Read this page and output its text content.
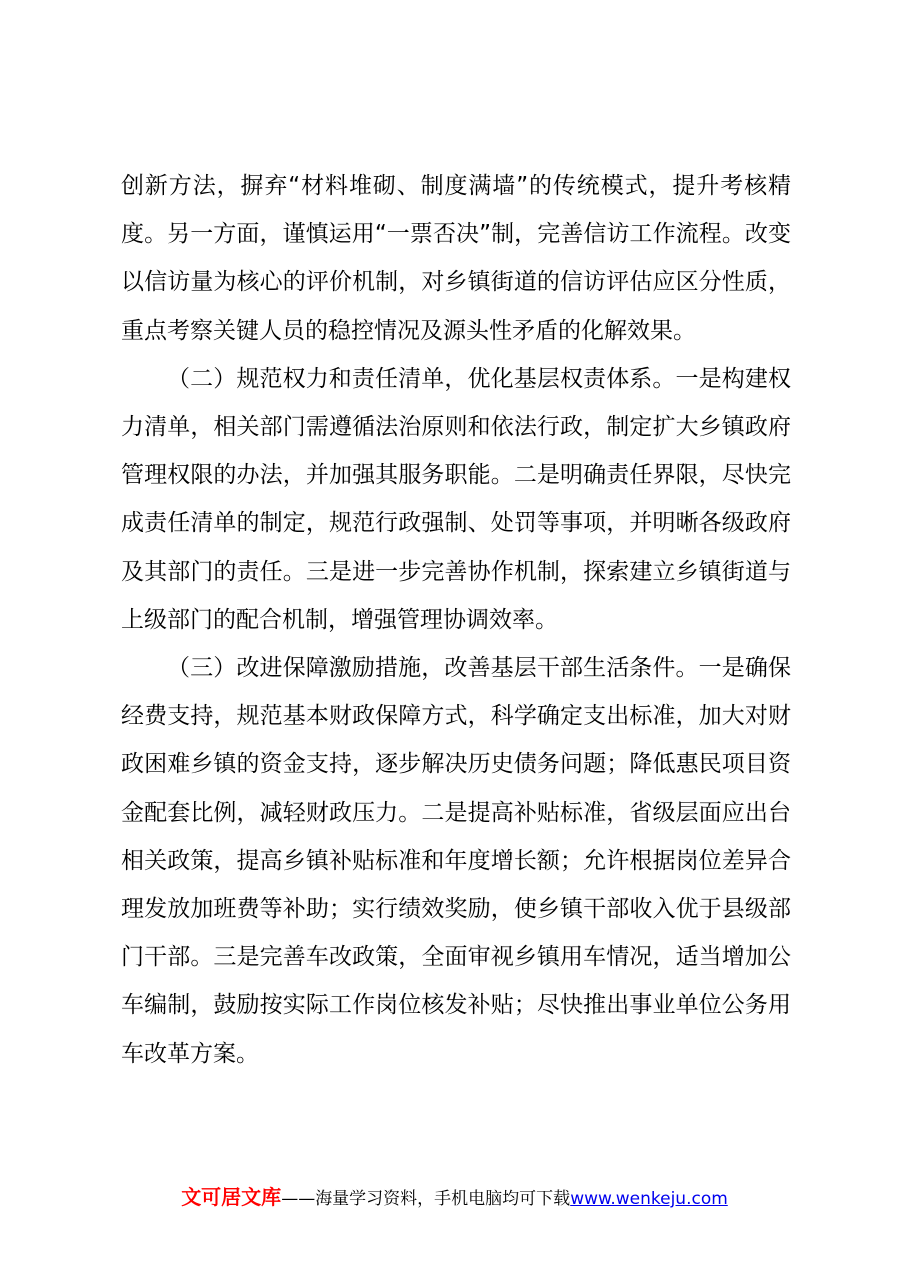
创新方法，摒弃“材料堆砌、制度满墙”的传统模式，提升考核精度。另一方面，谨慎运用“一票否决”制，完善信访工作流程。改变以信访量为核心的评价机制，对乡镇街道的信访评估应区分性质，重点考察关键人员的稳控情况及源头性矛盾的化解效果。

（二）规范权力和责任清单，优化基层权责体系。一是构建权力清单，相关部门需遵循法治原则和依法行政，制定扩大乡镇政府管理权限的办法，并加强其服务职能。二是明确责任界限，尽快完成责任清单的制定，规范行政强制、处罚等事项，并明晰各级政府及其部门的责任。三是进一步完善协作机制，探索建立乡镇街道与上级部门的配合机制，增强管理协调效率。

（三）改进保障激励措施，改善基层干部生活条件。一是确保经费支持，规范基本财政保障方式，科学确定支出标准，加大对财政困难乡镇的资金支持，逐步解决历史债务问题；降低惠民项目资金配套比例，减轻财政压力。二是提高补贴标准，省级层面应出台相关政策，提高乡镇补贴标准和年度增长额；允许根据岗位差异合理发放加班费等补助；实行绩效奖励，使乡镇干部收入优于县级部门干部。三是完善车改政策，全面审视乡镇用车情况，适当增加公车编制，鼓励按实际工作岗位核发补贴；尽快推出事业单位公务用车改革方案。

文可居文库——海量学习资料，手机电脑均可下载www.wenkeju.com
